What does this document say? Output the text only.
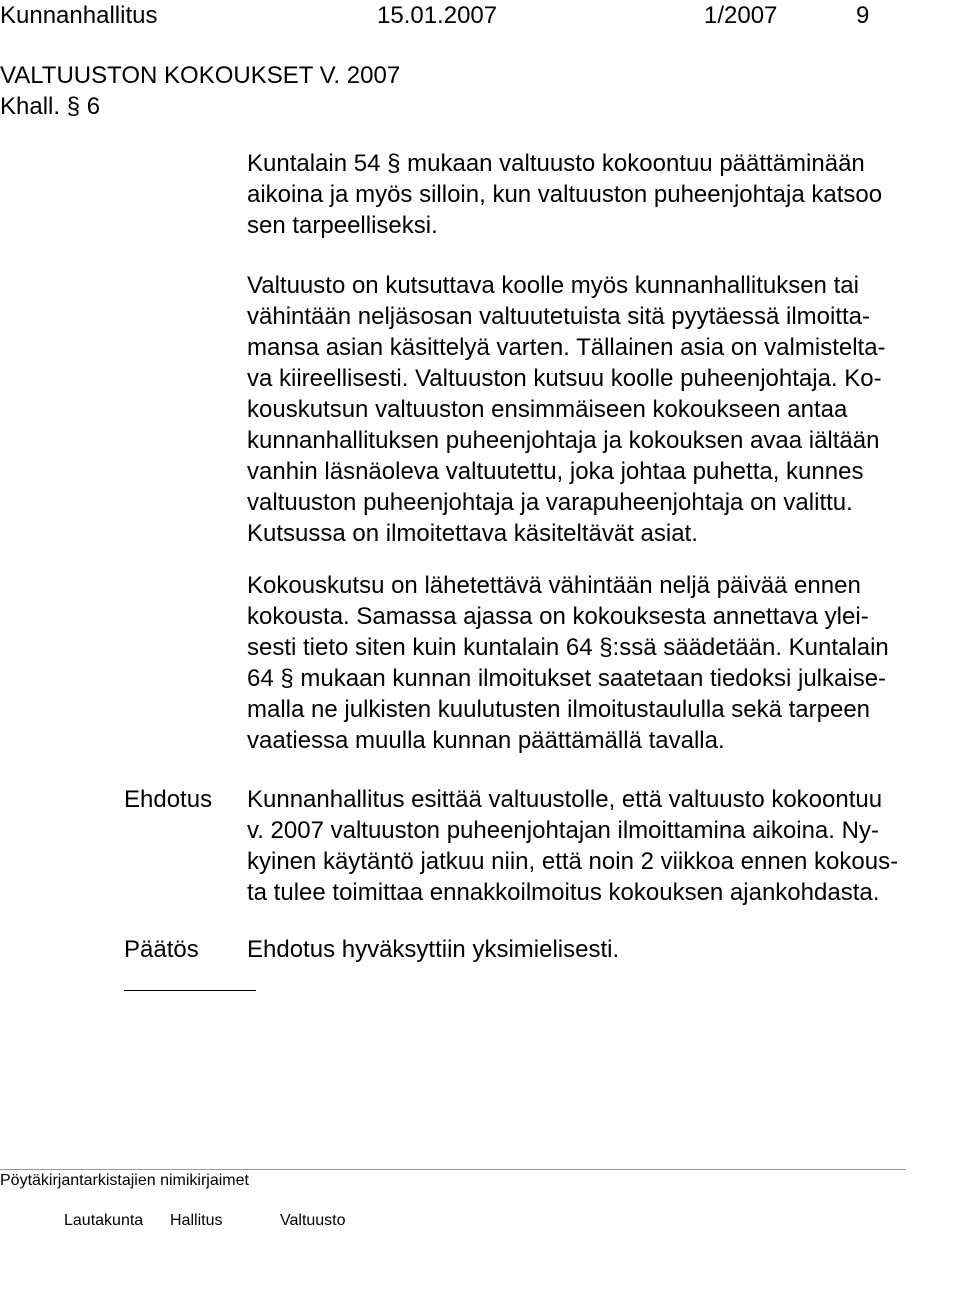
Kunnanhallitus	15.01.2007	1/2007	9
VALTUUSTON KOKOUKSET V. 2007
Khall. § 6
Kuntalain 54 § mukaan valtuusto kokoontuu päättäminään
aikoina ja myös silloin, kun valtuuston puheenjohtaja katsoo
sen tarpeelliseksi.
Valtuusto on kutsuttava koolle myös kunnanhallituksen tai
vähintään neljäsosan valtuutetuista sitä pyytäessä ilmoitta-
mansa asian käsittelyä varten. Tällainen asia on valmistelta-
va kiireellisesti. Valtuuston kutsuu koolle puheenjohtaja. Ko-
kouskutsun valtuuston ensimmäiseen kokoukseen antaa
kunnanhallituksen puheenjohtaja ja kokouksen avaa iältään
vanhin läsnäoleva valtuutettu, joka johtaa puhetta, kunnes
valtuuston puheenjohtaja ja varapuheenjohtaja on valittu.
Kutsussa on ilmoitettava käsiteltävät asiat.
Kokouskutsu on lähetettävä vähintään neljä päivää ennen
kokousta. Samassa ajassa on kokouksesta annettava ylei-
sesti tieto siten kuin kuntalain 64 §:ssä säädetään. Kuntalain
64 § mukaan kunnan ilmoitukset saatetaan tiedoksi julkaise-
malla ne julkisten kuulutusten ilmoitustaululla sekä tarpeen
vaatiessa muulla kunnan päättämällä tavalla.
Ehdotus Kunnanhallitus esittää valtuustolle, että valtuusto kokoontuu
v. 2007 valtuuston puheenjohtajan ilmoittamina aikoina. Ny-
kyinen käytäntö jatkuu niin, että noin 2 viikkoa ennen kokous-
ta tulee toimittaa ennakkoilmoitus kokouksen ajankohdasta.
Päätös Ehdotus hyväksyttiin yksimielisesti.
Pöytäkirjantarkistajien nimikirjaimet
Lautakunta Hallitus	Valtuusto
